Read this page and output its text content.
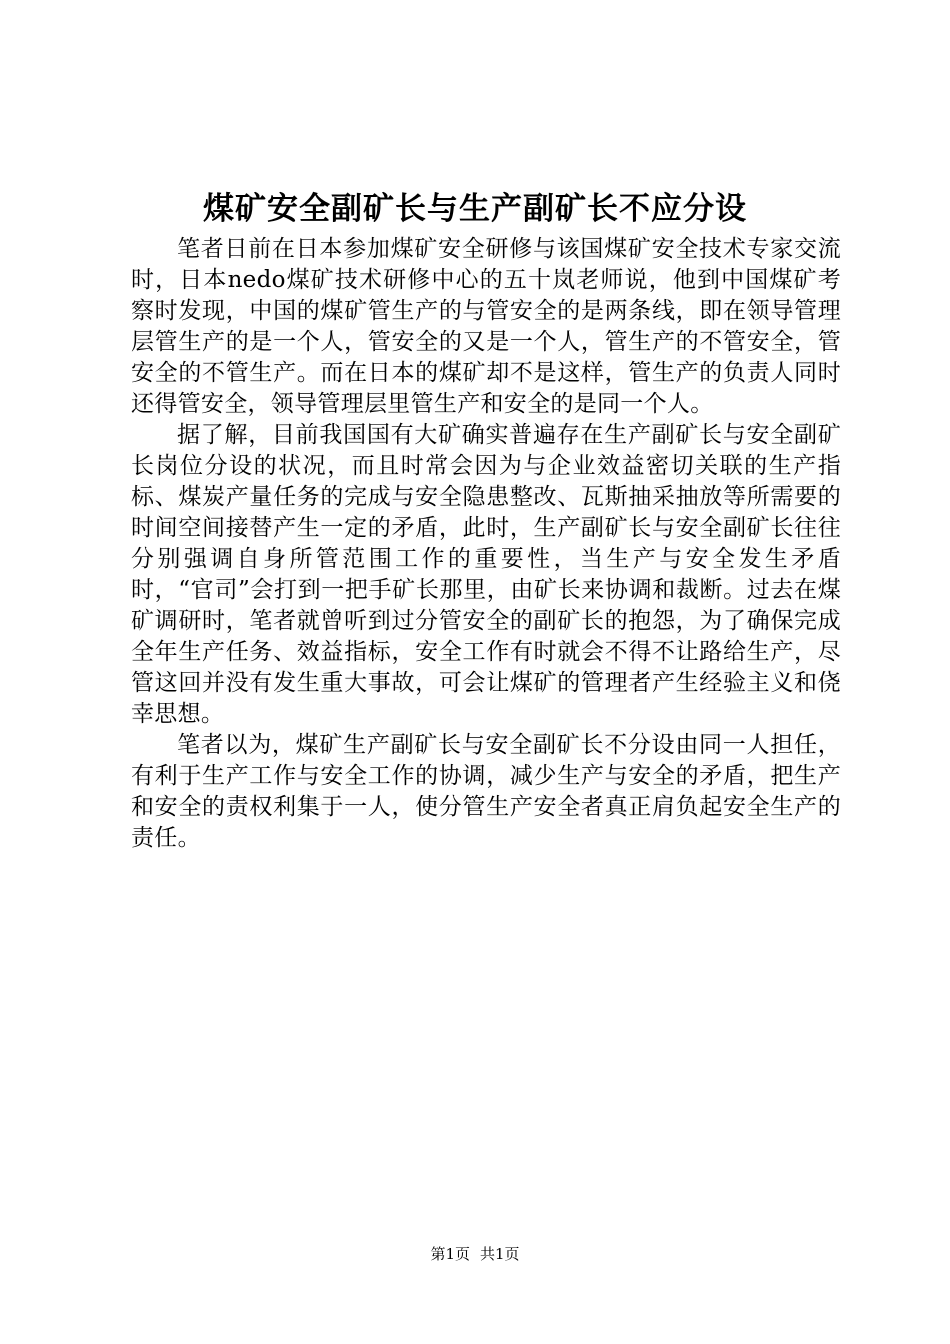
煤矿安全副矿长与生产副矿长不应分设

笔者日前在日本参加煤矿安全研修与该国煤矿安全技术专家交流时，日本nedo煤矿技术研修中心的五十岚老师说，他到中国煤矿考察时发现，中国的煤矿管生产的与管安全的是两条线，即在领导管理层管生产的是一个人，管安全的又是一个人，管生产的不管安全，管安全的不管生产。而在日本的煤矿却不是这样，管生产的负责人同时还得管安全，领导管理层里管生产和安全的是同一个人。

据了解，目前我国国有大矿确实普遍存在生产副矿长与安全副矿长岗位分设的状况，而且时常会因为与企业效益密切关联的生产指标、煤炭产量任务的完成与安全隐患整改、瓦斯抽采抽放等所需要的时间空间接替产生一定的矛盾，此时，生产副矿长与安全副矿长往往分别强调自身所管范围工作的重要性，当生产与安全发生矛盾时，“官司”会打到一把手矿长那里，由矿长来协调和裁断。过去在煤矿调研时，笔者就曾听到过分管安全的副矿长的抱怨，为了确保完成全年生产任务、效益指标，安全工作有时就会不得不让路给生产，尽管这回并没有发生重大事故，可会让煤矿的管理者产生经验主义和侥幸思想。

笔者以为，煤矿生产副矿长与安全副矿长不分设由同一人担任，有利于生产工作与安全工作的协调，减少生产与安全的矛盾，把生产和安全的责权利集于一人，使分管生产安全者真正肩负起安全生产的责任。

第1页 共1页
